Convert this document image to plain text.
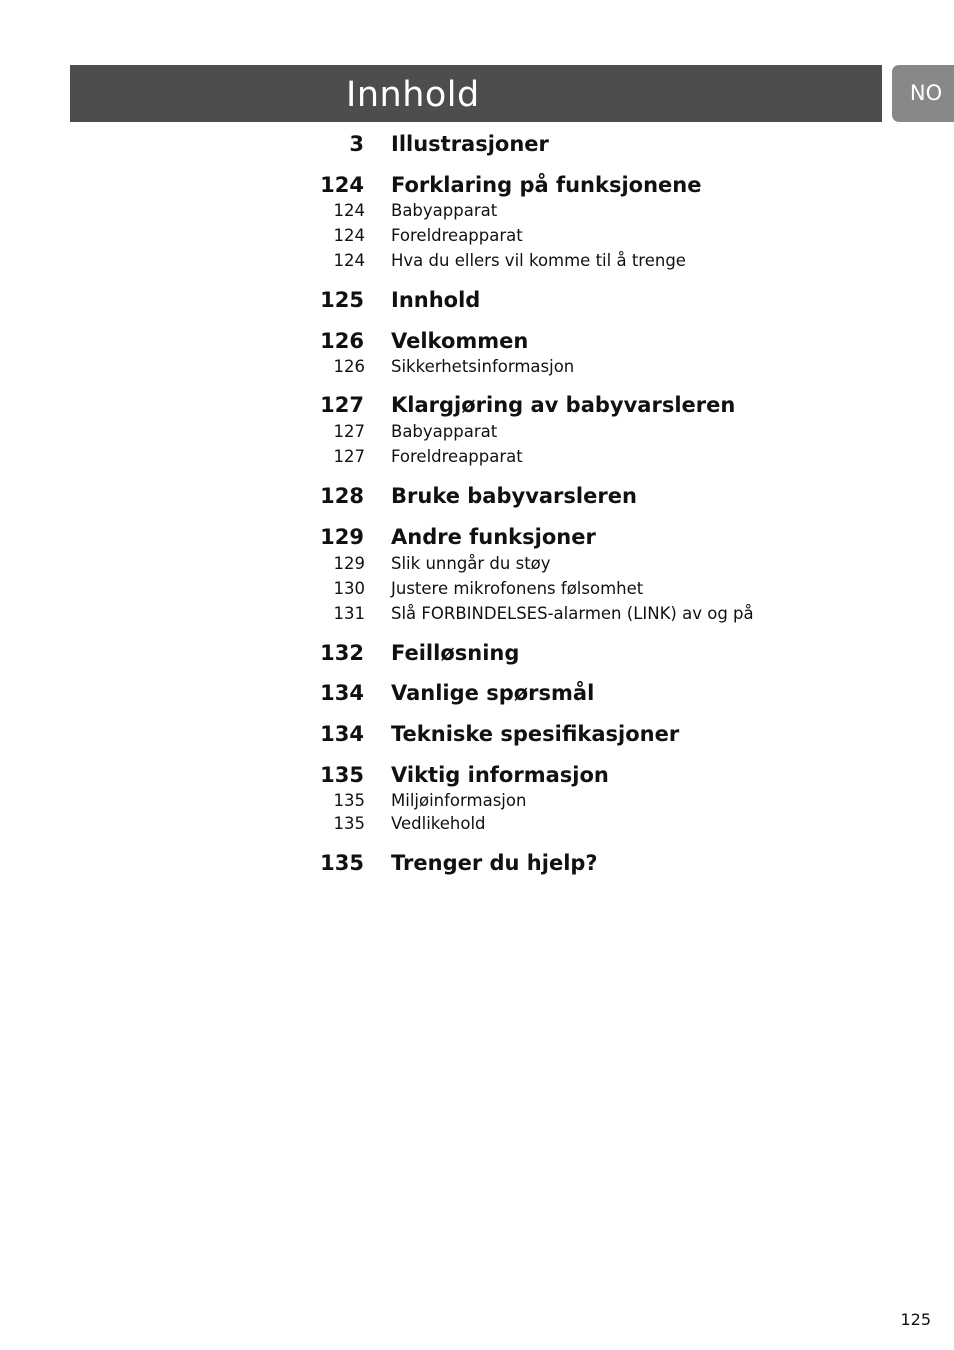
Innhold	NO
3 Illustrasjoner
124 Forklaring på funksjonene
124 Babyapparat
124 Foreldreapparat
124 Hva du ellers vil komme til å trenge
125 Innhold
126 Velkommen
126 Sikkerhetsinformasjon
127 Klargjøring av babyvarsleren
127 Babyapparat
127 Foreldreapparat
128 Bruke babyvarsleren
129 Andre funksjoner
129 Slik unngår du støy
130 Justere mikrofonens følsomhet
131 Slå FORBINDELSES-alarmen (LINK) av og på
132 Feilløsning
134 Vanlige spørsmål
134 Tekniske spesifikasjoner
135 Viktig informasjon
135 Miljøinformasjon
135 Vedlikehold
135 Trenger du hjelp?
125
